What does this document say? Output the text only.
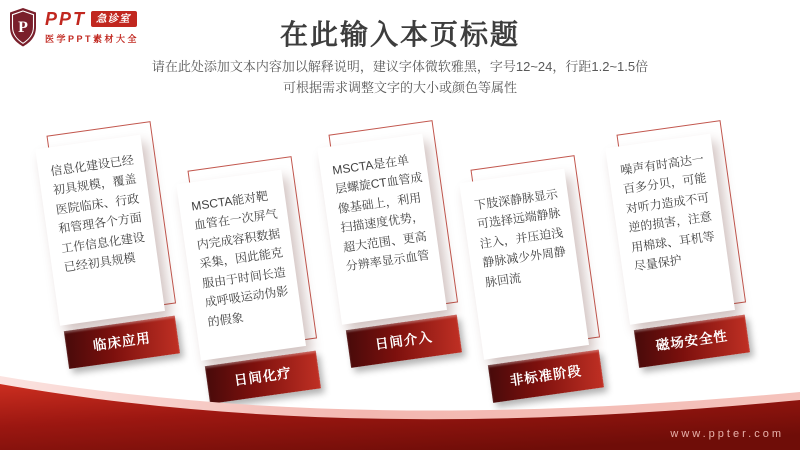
P PPT 急诊室
医学PPT素材大全	在此输入本页标题
请在此处添加文本内容加以解释说明，建议字体微软雅黑，字号12~24，行距1.2~1.5倍
可根据需求调整文字的大小或颜色等属性
信息化建设已经初具规模，覆盖医院临床、行政和管理各个方面工作信息化建设已经初具规模
临床应用
MSCTA能对靶血管在一次屏气内完成容积数据采集，因此能克服由于时间长造成呼吸运动伪影的假象
日间化疗
MSCTA是在单层螺旋CT血管成像基础上，利用扫描速度优势，超大范围、更高分辨率显示血管
日间介入
下肢深静脉显示可选择远端静脉注入，并压迫浅静脉减少外周静脉回流
非标准阶段
噪声有时高达一百多分贝，可能对听力造成不可逆的损害，注意用棉球、耳机等尽量保护
磁场安全性
www.ppter.com
